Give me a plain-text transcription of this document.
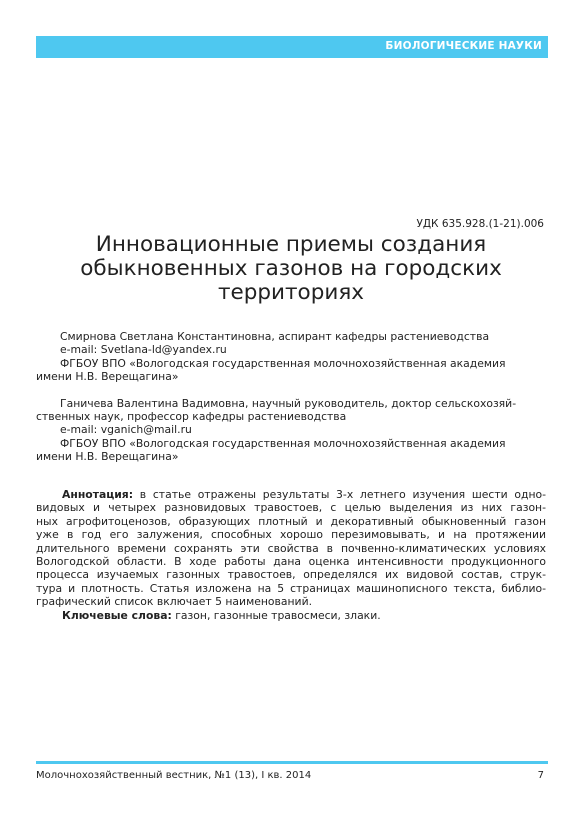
БИОЛОГИЧЕСКИЕ НАУКИ
УДК 635.928.(1-21).006
Инновационные приемы создания
обыкновенных газонов на городских
территориях
Смирнова Светлана Константиновна, аспирант кафедры растениеводства
e-mail: Svetlana-ld@yandex.ru
ФГБОУ ВПО «Вологодская государственная молочнохозяйственная академия
имени Н.В. Верещагина»
Ганичева Валентина Вадимовна, научный руководитель, доктор сельскохозяй-
ственных наук, профессор кафедры растениеводства
e-mail: vganich@mail.ru
ФГБОУ ВПО «Вологодская государственная молочнохозяйственная академия
имени Н.В. Верещагина»
Аннотация: в статье отражены результаты 3-х летнего изучения шести одно-
видовых и четырех разновидовых травостоев, с целью выделения из них газон-
ных агрофитоценозов, образующих плотный и декоративный обыкновенный газон
уже в год его залужения, способных хорошо перезимовывать, и на протяжении
длительного времени сохранять эти свойства в почвенно-климатических условиях
Вологодской области. В ходе работы дана оценка интенсивности продукционного
процесса изучаемых газонных травостоев, определялся их видовой состав, струк-
тура и плотность. Статья изложена на 5 страницах машинописного текста, библио-
графический список включает 5 наименований.
Ключевые слова: газон, газонные травосмеси, злаки.
Молочнохозяйственный вестник, №1 (13), I кв. 2014	7
